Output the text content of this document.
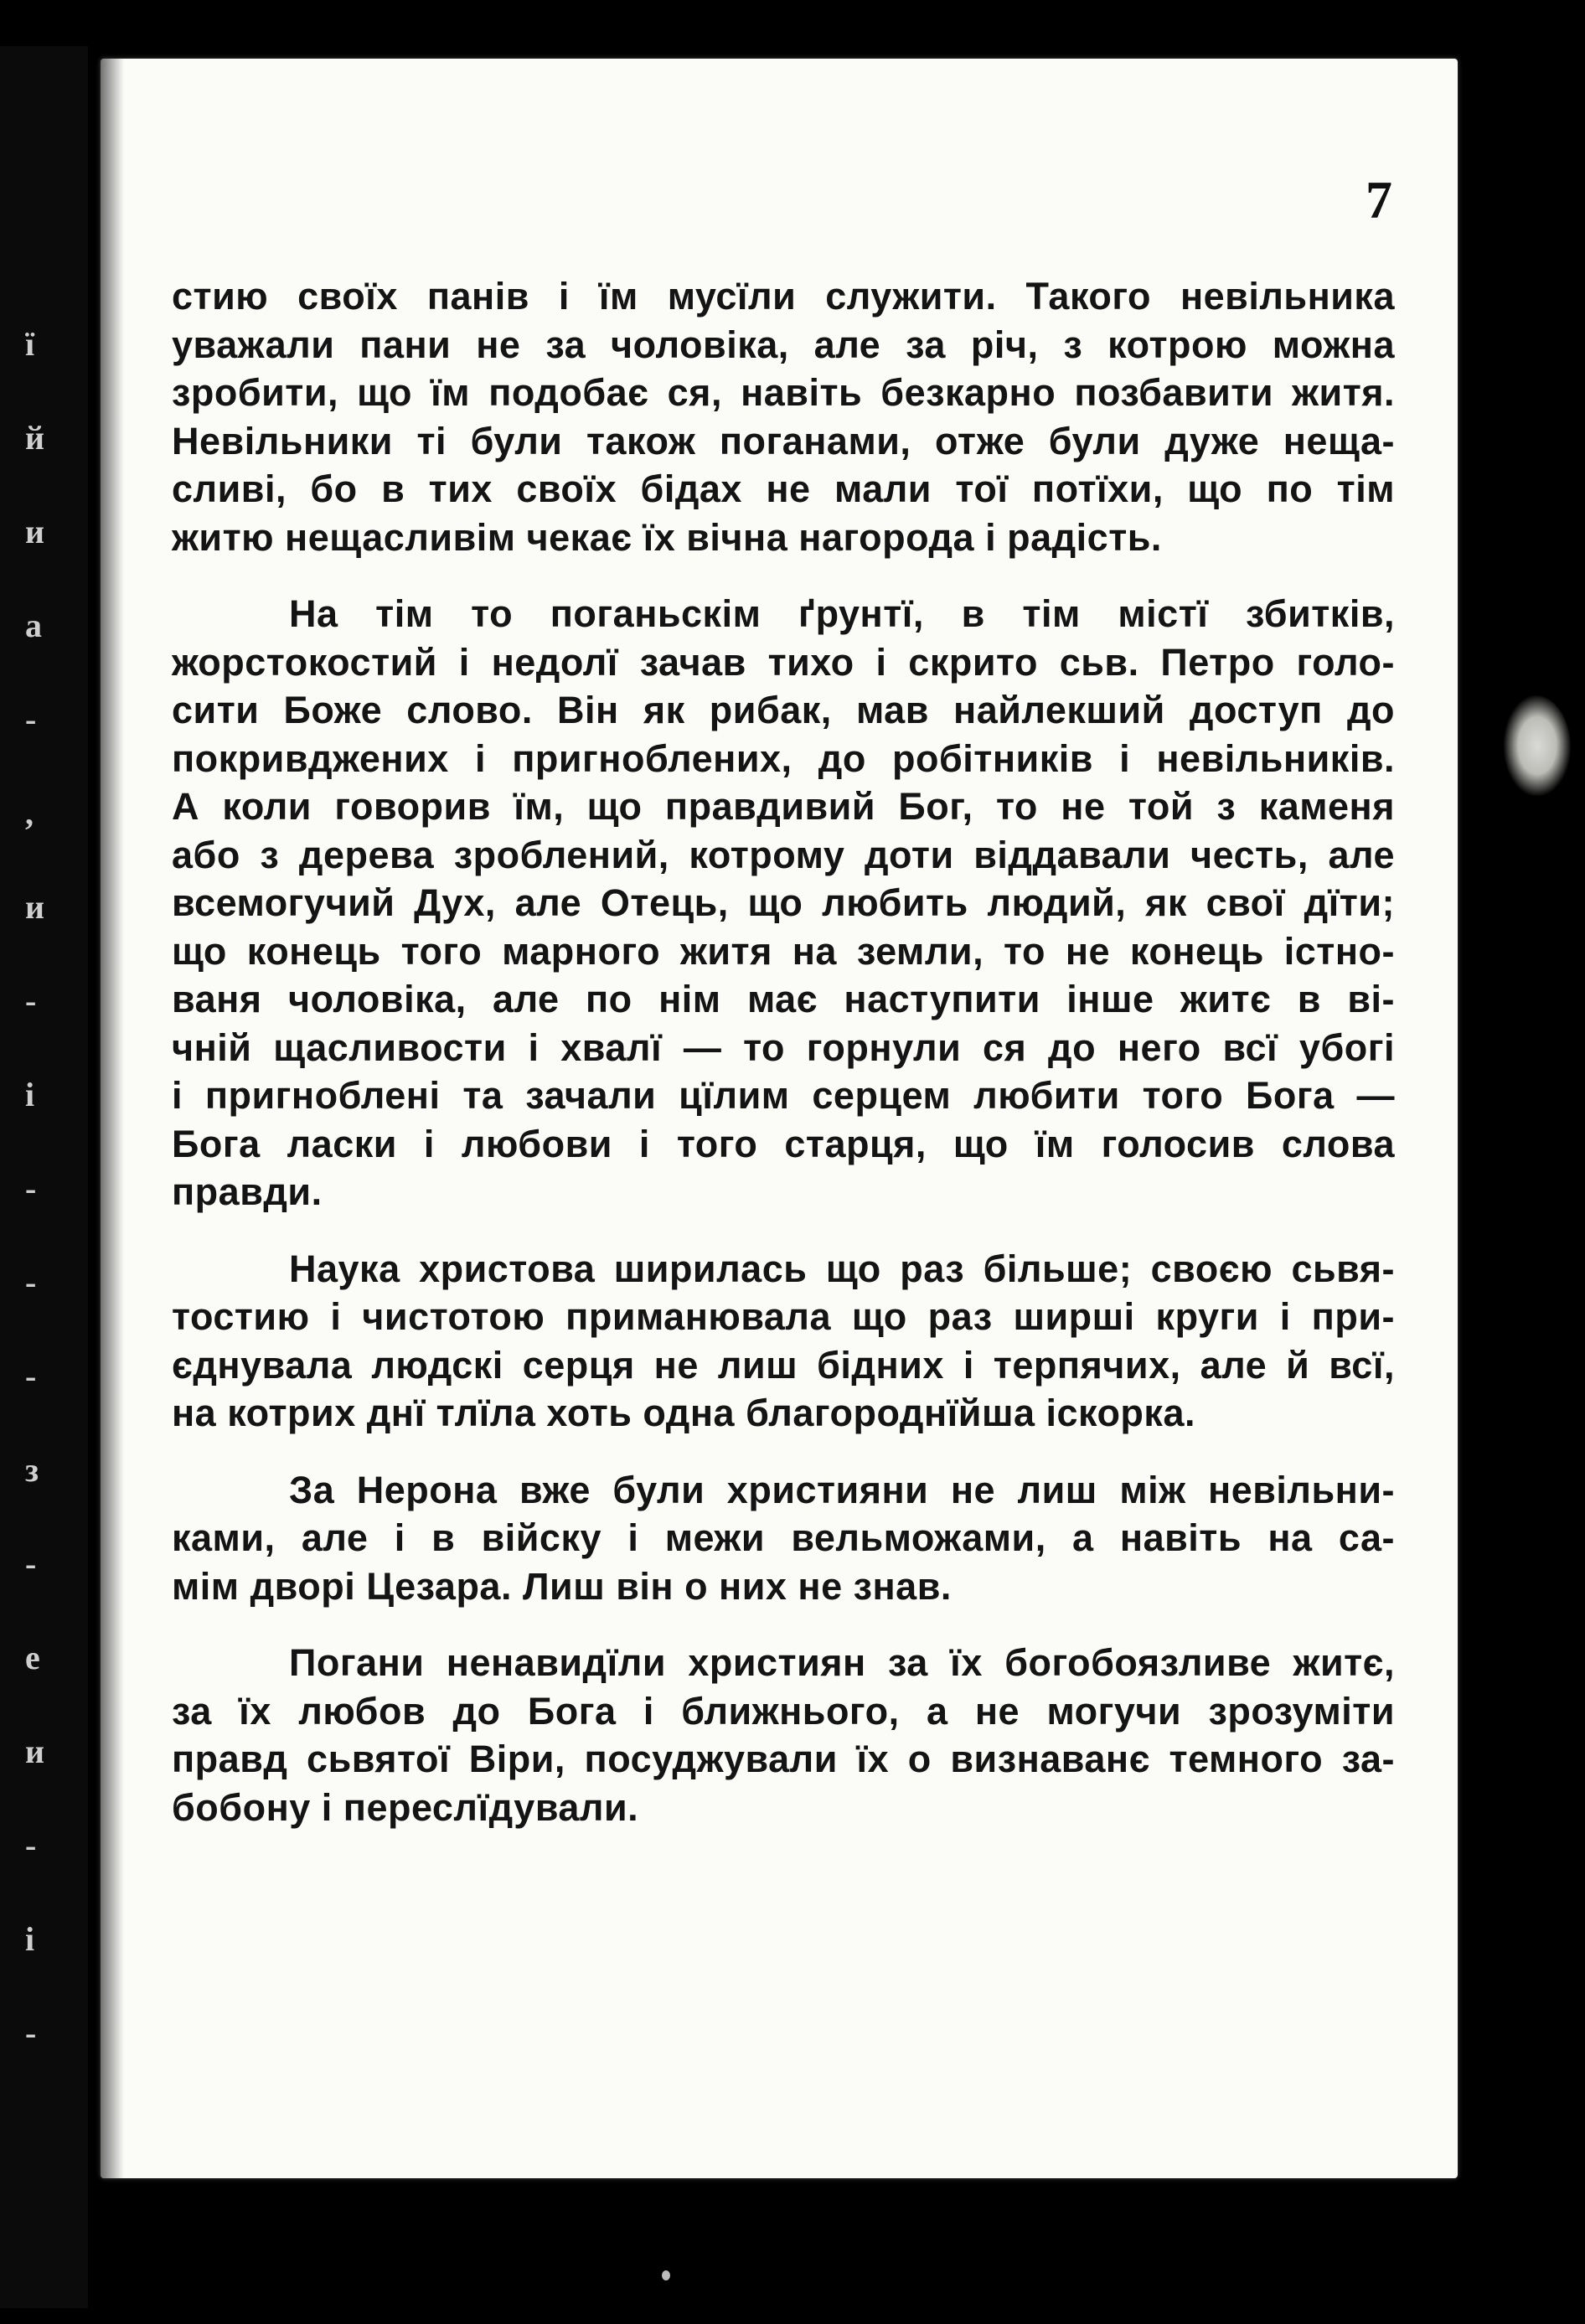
ї
й
и
а
-
,
и
-
і
-
-
-
з
-
е
и
-
і
-
7
стию своїх панів і їм мусїли служити. Такого невільника
уважали пани не за чоловіка, але за річ, з котрою можна
зробити, що їм подобає ся, навіть безкарно позбавити житя.
Невільники ті були також поганами, отже були дуже неща-
сливі, бо в тих своїх бідах не мали тої потїхи, що по тім
житю нещасливім чекає їх вічна нагорода і радість.
На тім то поганьскім ґрунтї, в тім містї збитків,
жорстокостий і недолї зачав тихо і скрито сьв. Петро голо-
сити Боже слово. Він як рибак, мав найлекший доступ до
покривджених і пригноблених, до робітників і невільників.
А коли говорив їм, що правдивий Бог, то не той з каменя
або з дерева зроблений, котрому доти віддавали честь, але
всемогучий Дух, але Отець, що любить людий, як свої дїти;
що конець того марного житя на земли, то не конець істно-
ваня чоловіка, але по нім має наступити інше житє в ві-
чній щасливости і хвалї — то горнули ся до него всї убогі
і пригноблені та зачали цїлим серцем любити того Бога —
Бога ласки і любови і того старця, що їм голосив слова
правди.
Наука христова ширилась що раз більше; своєю сьвя-
тостию і чистотою приманювала що раз ширші круги і при-
єднувала людскі серця не лиш бідних і терпячих, але й всї,
на котрих днї тлїла хоть одна благороднїйша іскорка.
За Нерона вже були християни не лиш між невільни-
ками, але і в війску і межи вельможами, а навіть на са-
мім дворі Цезара. Лиш він о них не знав.
Погани ненавидїли християн за їх богобоязливе житє,
за їх любов до Бога і ближнього, а не могучи зрозуміти
правд сьвятої Віри, посуджували їх о визнаванє темного за-
бобону і переслїдували.
